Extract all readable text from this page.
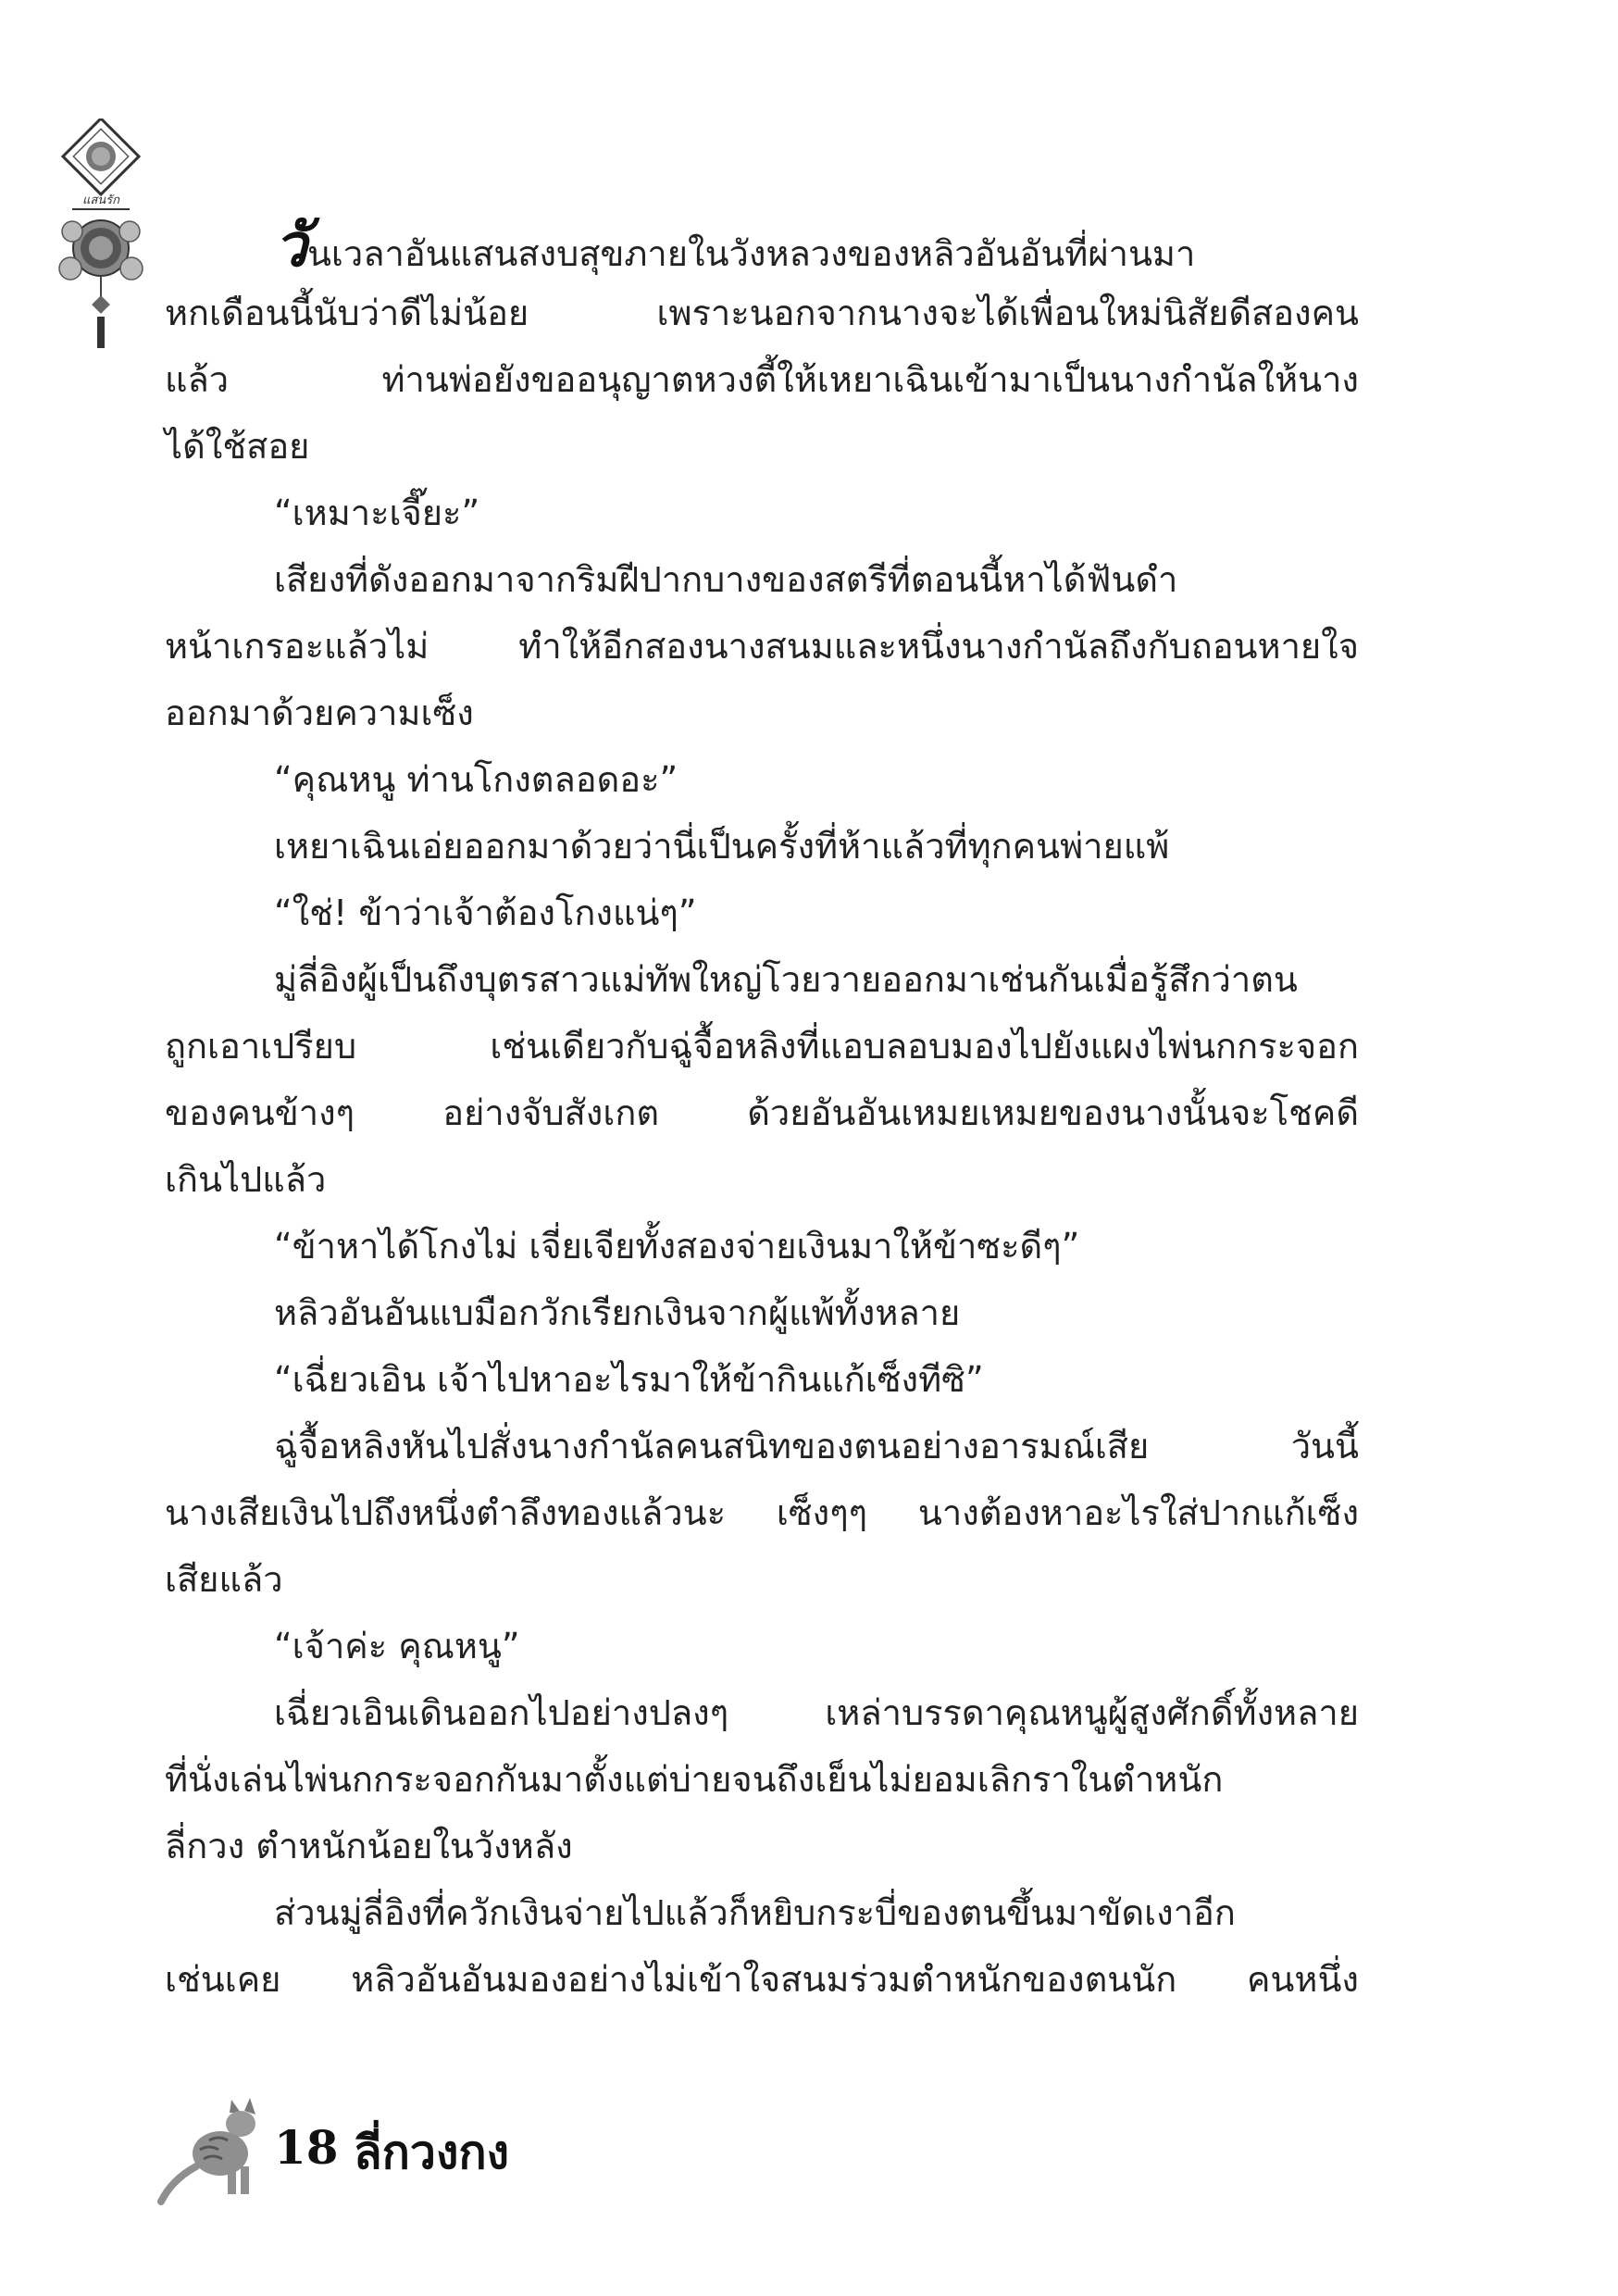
แสนรัก
วันเวลาอันแสนสงบสุขภายในวังหลวงของหลิวอันอันที่ผ่านมา
หกเดือนนี้นับว่าดีไม่น้อย เพราะนอกจากนางจะได้เพื่อนใหม่นิสัยดีสองคน
แล้ว ท่านพ่อยังขออนุญาตหวงตี้ให้เหยาเฉินเข้ามาเป็นนางกำนัลให้นาง
ได้ใช้สอย
“เหมาะเจี๊ยะ”
เสียงที่ดังออกมาจากริมฝีปากบางของสตรีที่ตอนนี้หาได้ฟันดำ
หน้าเกรอะแล้วไม่ ทำให้อีกสองนางสนมและหนึ่งนางกำนัลถึงกับถอนหายใจ
ออกมาด้วยความเซ็ง
“คุณหนู ท่านโกงตลอดอะ”
เหยาเฉินเอ่ยออกมาด้วยว่านี่เป็นครั้งที่ห้าแล้วที่ทุกคนพ่ายแพ้
“ใช่! ข้าว่าเจ้าต้องโกงแน่ๆ”
มู่ลี่อิงผู้เป็นถึงบุตรสาวแม่ทัพใหญ่โวยวายออกมาเช่นกันเมื่อรู้สึกว่าตน
ถูกเอาเปรียบ เช่นเดียวกับฉู่จื้อหลิงที่แอบลอบมองไปยังแผงไพ่นกกระจอก
ของคนข้างๆ อย่างจับสังเกต ด้วยอันอันเหมยเหมยของนางนั้นจะโชคดี
เกินไปแล้ว
“ข้าหาได้โกงไม่ เจี่ยเจียทั้งสองจ่ายเงินมาให้ข้าซะดีๆ”
หลิวอันอันแบมือกวักเรียกเงินจากผู้แพ้ทั้งหลาย
“เฉี่ยวเอิน เจ้าไปหาอะไรมาให้ข้ากินแก้เซ็งทีซิ”
ฉู่จื้อหลิงหันไปสั่งนางกำนัลคนสนิทของตนอย่างอารมณ์เสีย วันนี้
นางเสียเงินไปถึงหนึ่งตำลึงทองแล้วนะ เซ็งๆๆ นางต้องหาอะไรใส่ปากแก้เซ็ง
เสียแล้ว
“เจ้าค่ะ คุณหนู”
เฉี่ยวเอินเดินออกไปอย่างปลงๆ เหล่าบรรดาคุณหนูผู้สูงศักดิ์ทั้งหลาย
ที่นั่งเล่นไพ่นกกระจอกกันมาตั้งแต่บ่ายจนถึงเย็นไม่ยอมเลิกราในตำหนัก
ลี่กวง ตำหนักน้อยในวังหลัง
ส่วนมู่ลี่อิงที่ควักเงินจ่ายไปแล้วก็หยิบกระบี่ของตนขึ้นมาขัดเงาอีก
เช่นเคย หลิวอันอันมองอย่างไม่เข้าใจสนมร่วมตำหนักของตนนัก คนหนึ่ง
18 ลี่กวงกง
